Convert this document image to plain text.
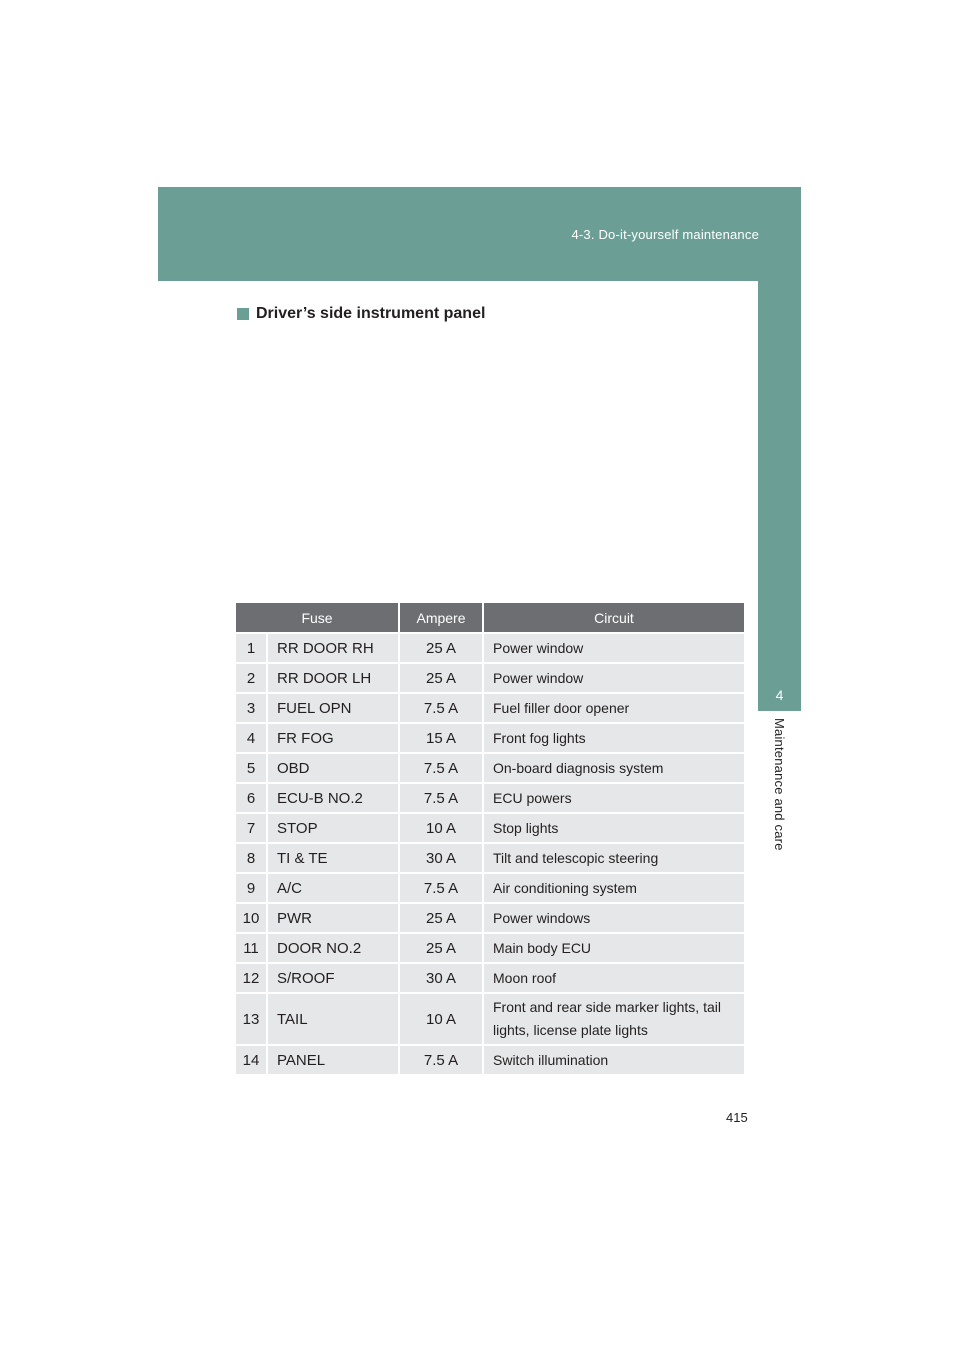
4-3. Do-it-yourself maintenance
4
Maintenance and care
Driver’s side instrument panel
Fuse		Ampere	Circuit
1	RR DOOR RH	25 A	Power window
2	RR DOOR LH	25 A	Power window
3	FUEL OPN	7.5 A	Fuel filler door opener
4	FR FOG	15 A	Front fog lights
5	OBD	7.5 A	On-board diagnosis system
6	ECU-B NO.2	7.5 A	ECU powers
7	STOP	10 A	Stop lights
8	TI & TE	30 A	Tilt and telescopic steering
9	A/C	7.5 A	Air conditioning system
10	PWR	25 A	Power windows
11	DOOR NO.2	25 A	Main body ECU
12	S/ROOF	30 A	Moon roof
13	TAIL	10 A	Front and rear side marker lights, tail lights, license plate lights
14	PANEL	7.5 A	Switch illumination
415
